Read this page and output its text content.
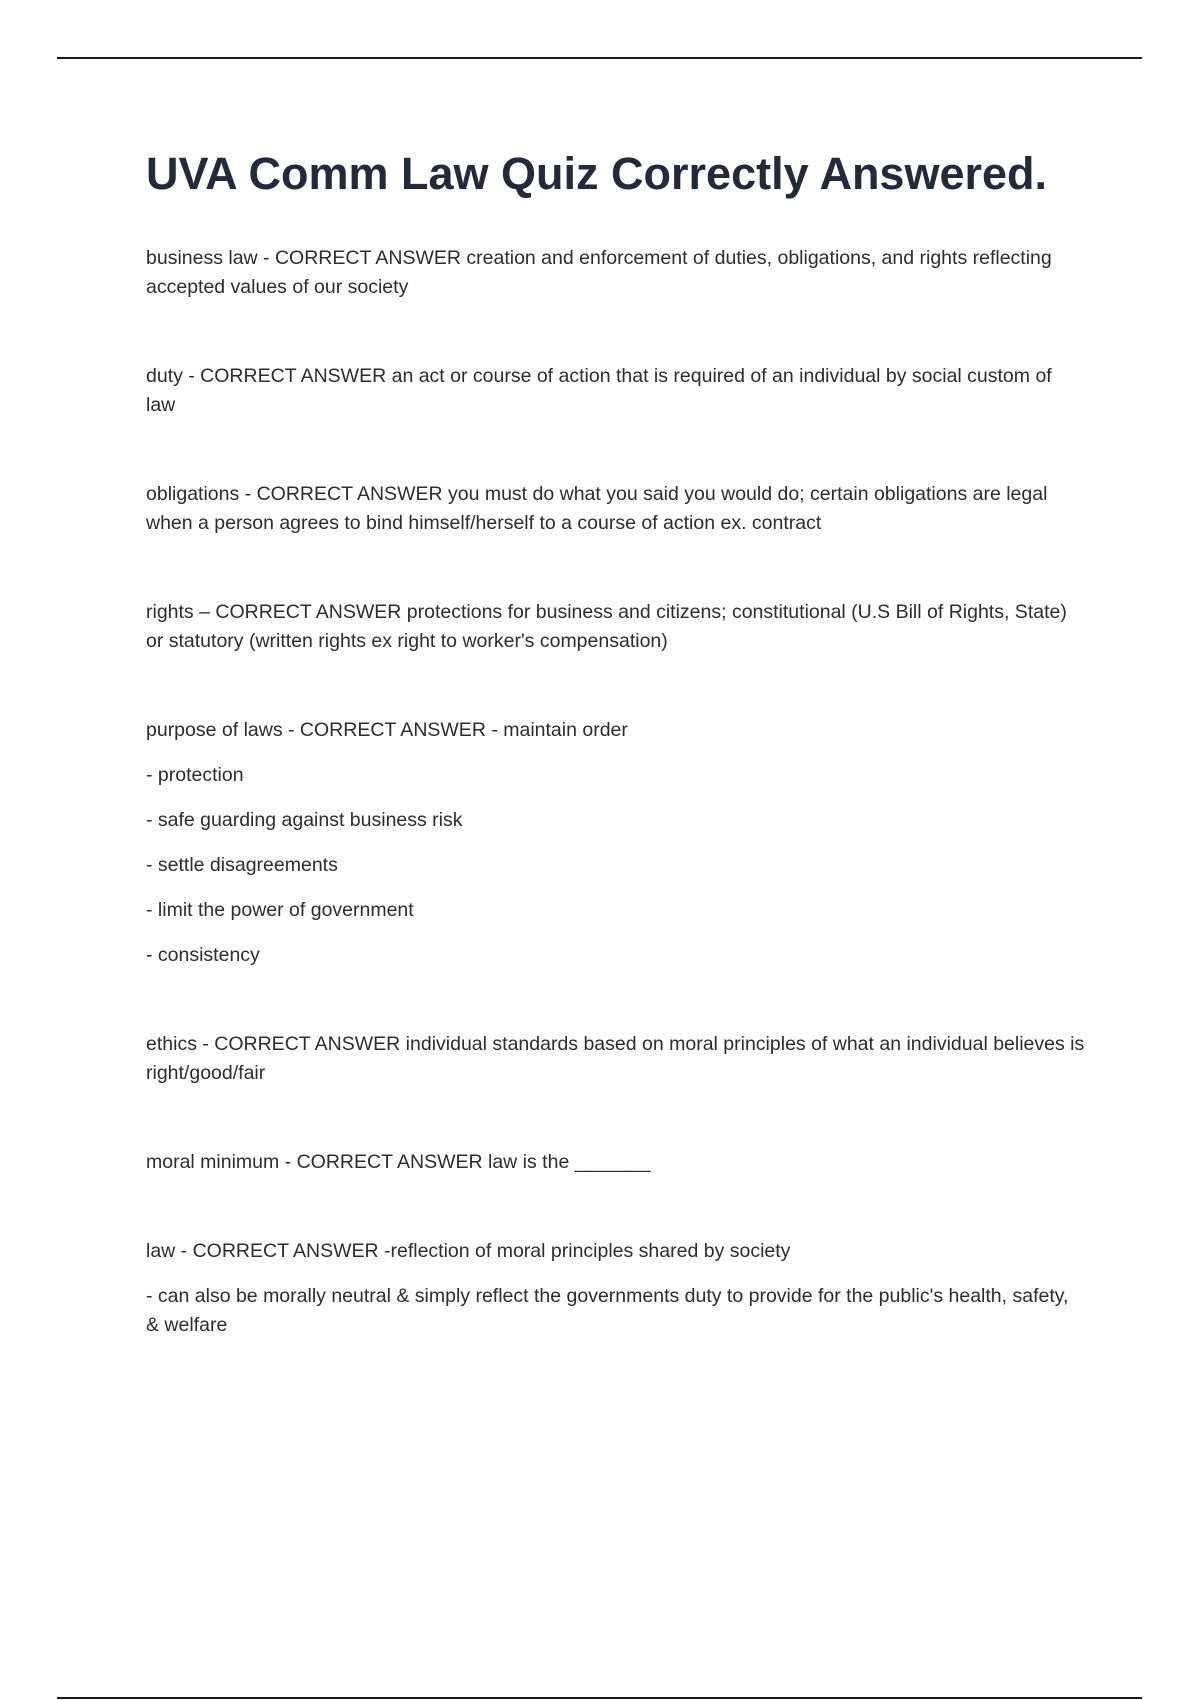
UVA Comm Law Quiz Correctly Answered.

business law - CORRECT ANSWER creation and enforcement of duties, obligations, and rights reflecting accepted values of our society

duty - CORRECT ANSWER an act or course of action that is required of an individual by social custom of law

obligations - CORRECT ANSWER you must do what you said you would do; certain obligations are legal when a person agrees to bind himself/herself to a course of action ex. contract

rights – CORRECT ANSWER protections for business and citizens; constitutional (U.S Bill of Rights, State) or statutory (written rights ex right to worker's compensation)

purpose of laws - CORRECT ANSWER - maintain order

- protection

- safe guarding against business risk

- settle disagreements

- limit the power of government

- consistency

ethics - CORRECT ANSWER individual standards based on moral principles of what an individual believes is right/good/fair

moral minimum - CORRECT ANSWER law is the _______

law - CORRECT ANSWER -reflection of moral principles shared by society

- can also be morally neutral & simply reflect the governments duty to provide for the public's health, safety, & welfare
